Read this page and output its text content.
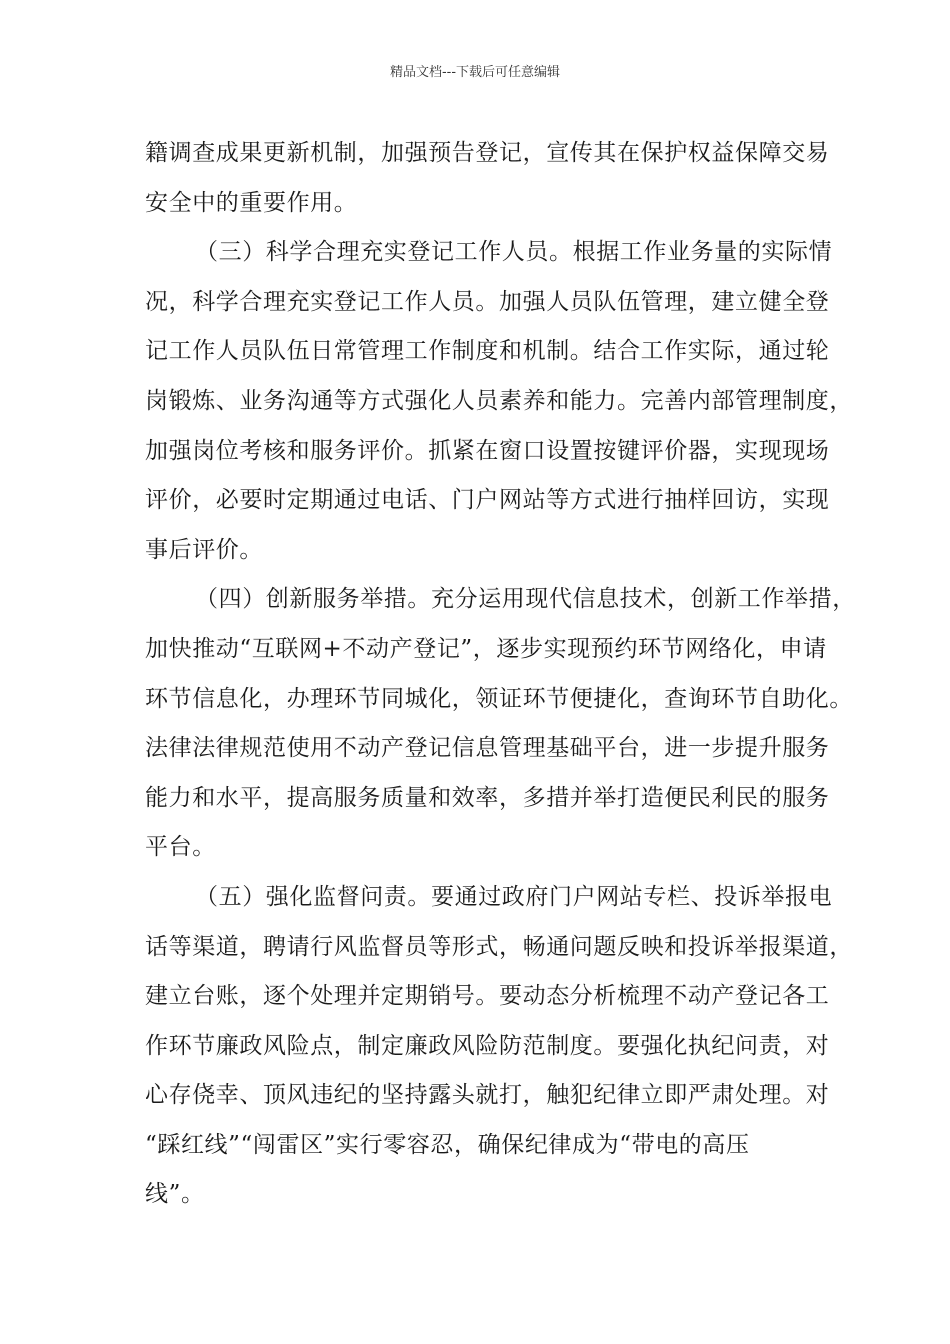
精品文档---下载后可任意编辑
籍调查成果更新机制，加强预告登记，宣传其在保护权益保障交易
安全中的重要作用。
（三）科学合理充实登记工作人员。根据工作业务量的实际情
况，科学合理充实登记工作人员。加强人员队伍管理，建立健全登
记工作人员队伍日常管理工作制度和机制。结合工作实际，通过轮
岗锻炼、业务沟通等方式强化人员素养和能力。完善内部管理制度，
加强岗位考核和服务评价。抓紧在窗口设置按键评价器，实现现场
评价，必要时定期通过电话、门户网站等方式进行抽样回访，实现
事后评价。
（四）创新服务举措。充分运用现代信息技术，创新工作举措，
加快推动“互联网+不动产登记”，逐步实现预约环节网络化，申请
环节信息化，办理环节同城化，领证环节便捷化，查询环节自助化。
法律法律规范使用不动产登记信息管理基础平台，进一步提升服务
能力和水平，提高服务质量和效率，多措并举打造便民利民的服务
平台。
（五）强化监督问责。要通过政府门户网站专栏、投诉举报电
话等渠道，聘请行风监督员等形式，畅通问题反映和投诉举报渠道，
建立台账，逐个处理并定期销号。要动态分析梳理不动产登记各工
作环节廉政风险点，制定廉政风险防范制度。要强化执纪问责，对
心存侥幸、顶风违纪的坚持露头就打，触犯纪律立即严肃处理。对
“踩红线”“闯雷区”实行零容忍，确保纪律成为“带电的高压
线”。
